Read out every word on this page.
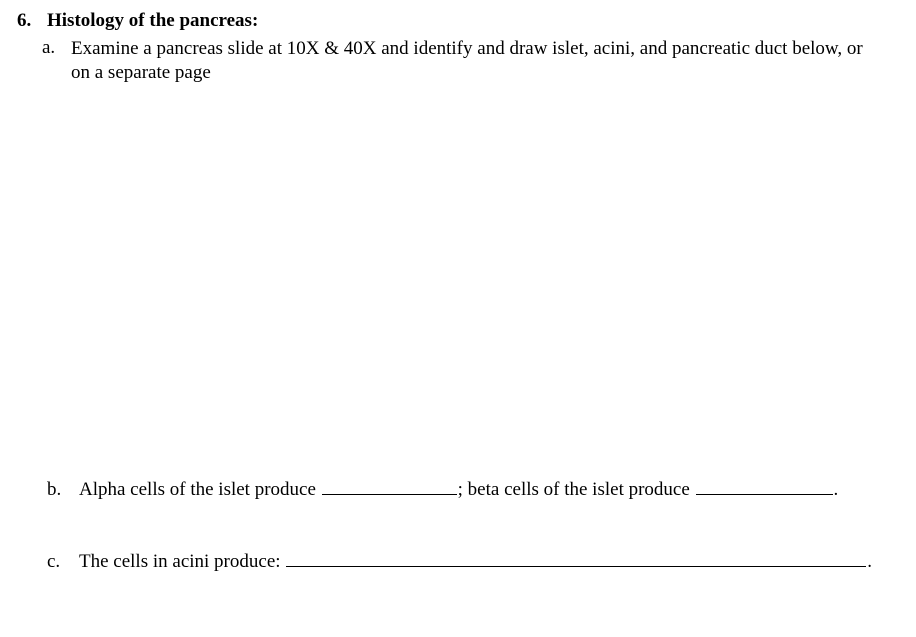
6. Histology of the pancreas:
a. Examine a pancreas slide at 10X & 40X and identify and draw islet, acini, and pancreatic duct below, or on a separate page
b. Alpha cells of the islet produce	; beta cells of the islet produce	.
c. The cells in acini produce:	.
